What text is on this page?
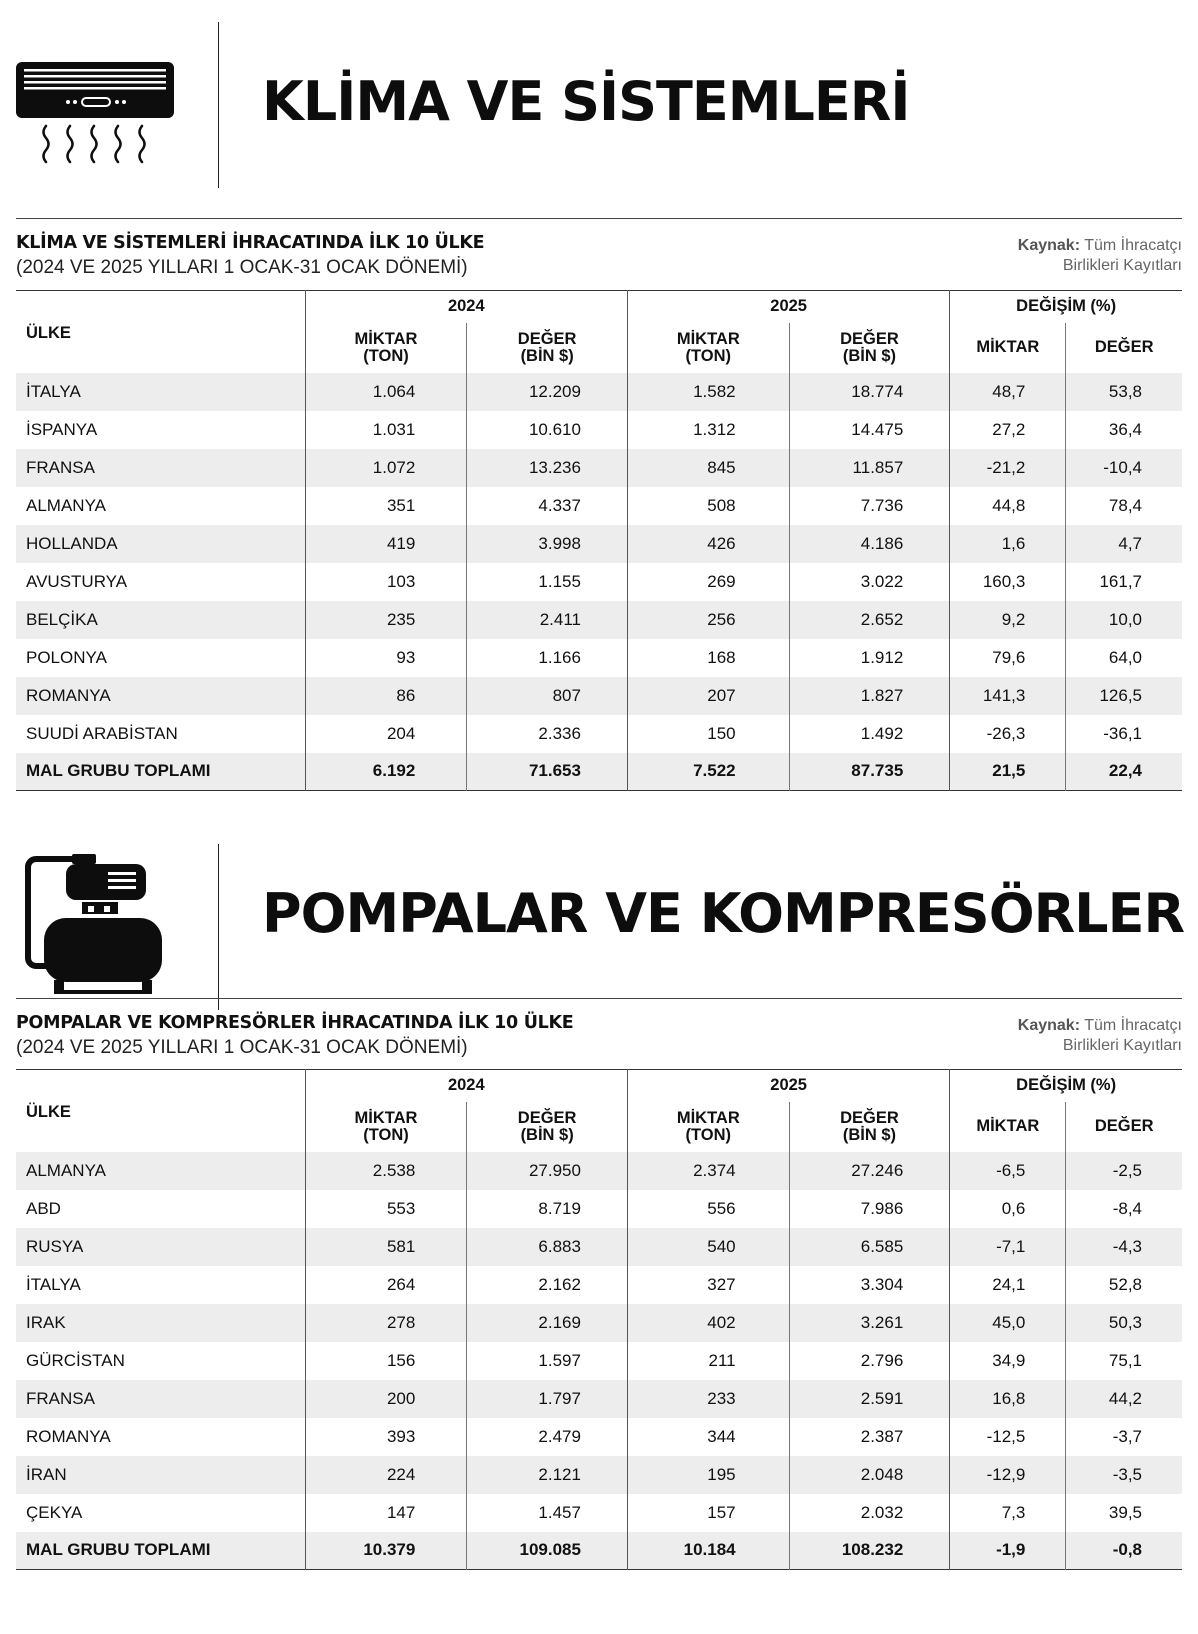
KLİMA VE SİSTEMLERİ
KLİMA VE SİSTEMLERİ İHRACATINDA İLK 10 ÜLKE
(2024 VE 2025 YILLARI 1 OCAK-31 OCAK DÖNEMİ)
Kaynak: Tüm İhracatçı
Birlikleri Kayıtları
ÜLKE	2024		2025		DEĞİŞİM (%)	
	MİKTAR
(TON)	DEĞER
(BİN $)	MİKTAR
(TON)	DEĞER
(BİN $)	MİKTAR	DEĞER
İTALYA	1.064	12.209	1.582	18.774	48,7	53,8
İSPANYA	1.031	10.610	1.312	14.475	27,2	36,4
FRANSA	1.072	13.236	845	11.857	-21,2	-10,4
ALMANYA	351	4.337	508	7.736	44,8	78,4
HOLLANDA	419	3.998	426	4.186	1,6	4,7
AVUSTURYA	103	1.155	269	3.022	160,3	161,7
BELÇİKA	235	2.411	256	2.652	9,2	10,0
POLONYA	93	1.166	168	1.912	79,6	64,0
ROMANYA	86	807	207	1.827	141,3	126,5
SUUDİ ARABİSTAN	204	2.336	150	1.492	-26,3	-36,1
MAL GRUBU TOPLAMI	6.192	71.653	7.522	87.735	21,5	22,4
POMPALAR VE KOMPRESÖRLER
POMPALAR VE KOMPRESÖRLER İHRACATINDA İLK 10 ÜLKE
(2024 VE 2025 YILLARI 1 OCAK-31 OCAK DÖNEMİ)
Kaynak: Tüm İhracatçı
Birlikleri Kayıtları
ÜLKE	2024		2025		DEĞİŞİM (%)	
	MİKTAR
(TON)	DEĞER
(BİN $)	MİKTAR
(TON)	DEĞER
(BİN $)	MİKTAR	DEĞER
ALMANYA	2.538	27.950	2.374	27.246	-6,5	-2,5
ABD	553	8.719	556	7.986	0,6	-8,4
RUSYA	581	6.883	540	6.585	-7,1	-4,3
İTALYA	264	2.162	327	3.304	24,1	52,8
IRAK	278	2.169	402	3.261	45,0	50,3
GÜRCİSTAN	156	1.597	211	2.796	34,9	75,1
FRANSA	200	1.797	233	2.591	16,8	44,2
ROMANYA	393	2.479	344	2.387	-12,5	-3,7
İRAN	224	2.121	195	2.048	-12,9	-3,5
ÇEKYA	147	1.457	157	2.032	7,3	39,5
MAL GRUBU TOPLAMI	10.379	109.085	10.184	108.232	-1,9	-0,8
